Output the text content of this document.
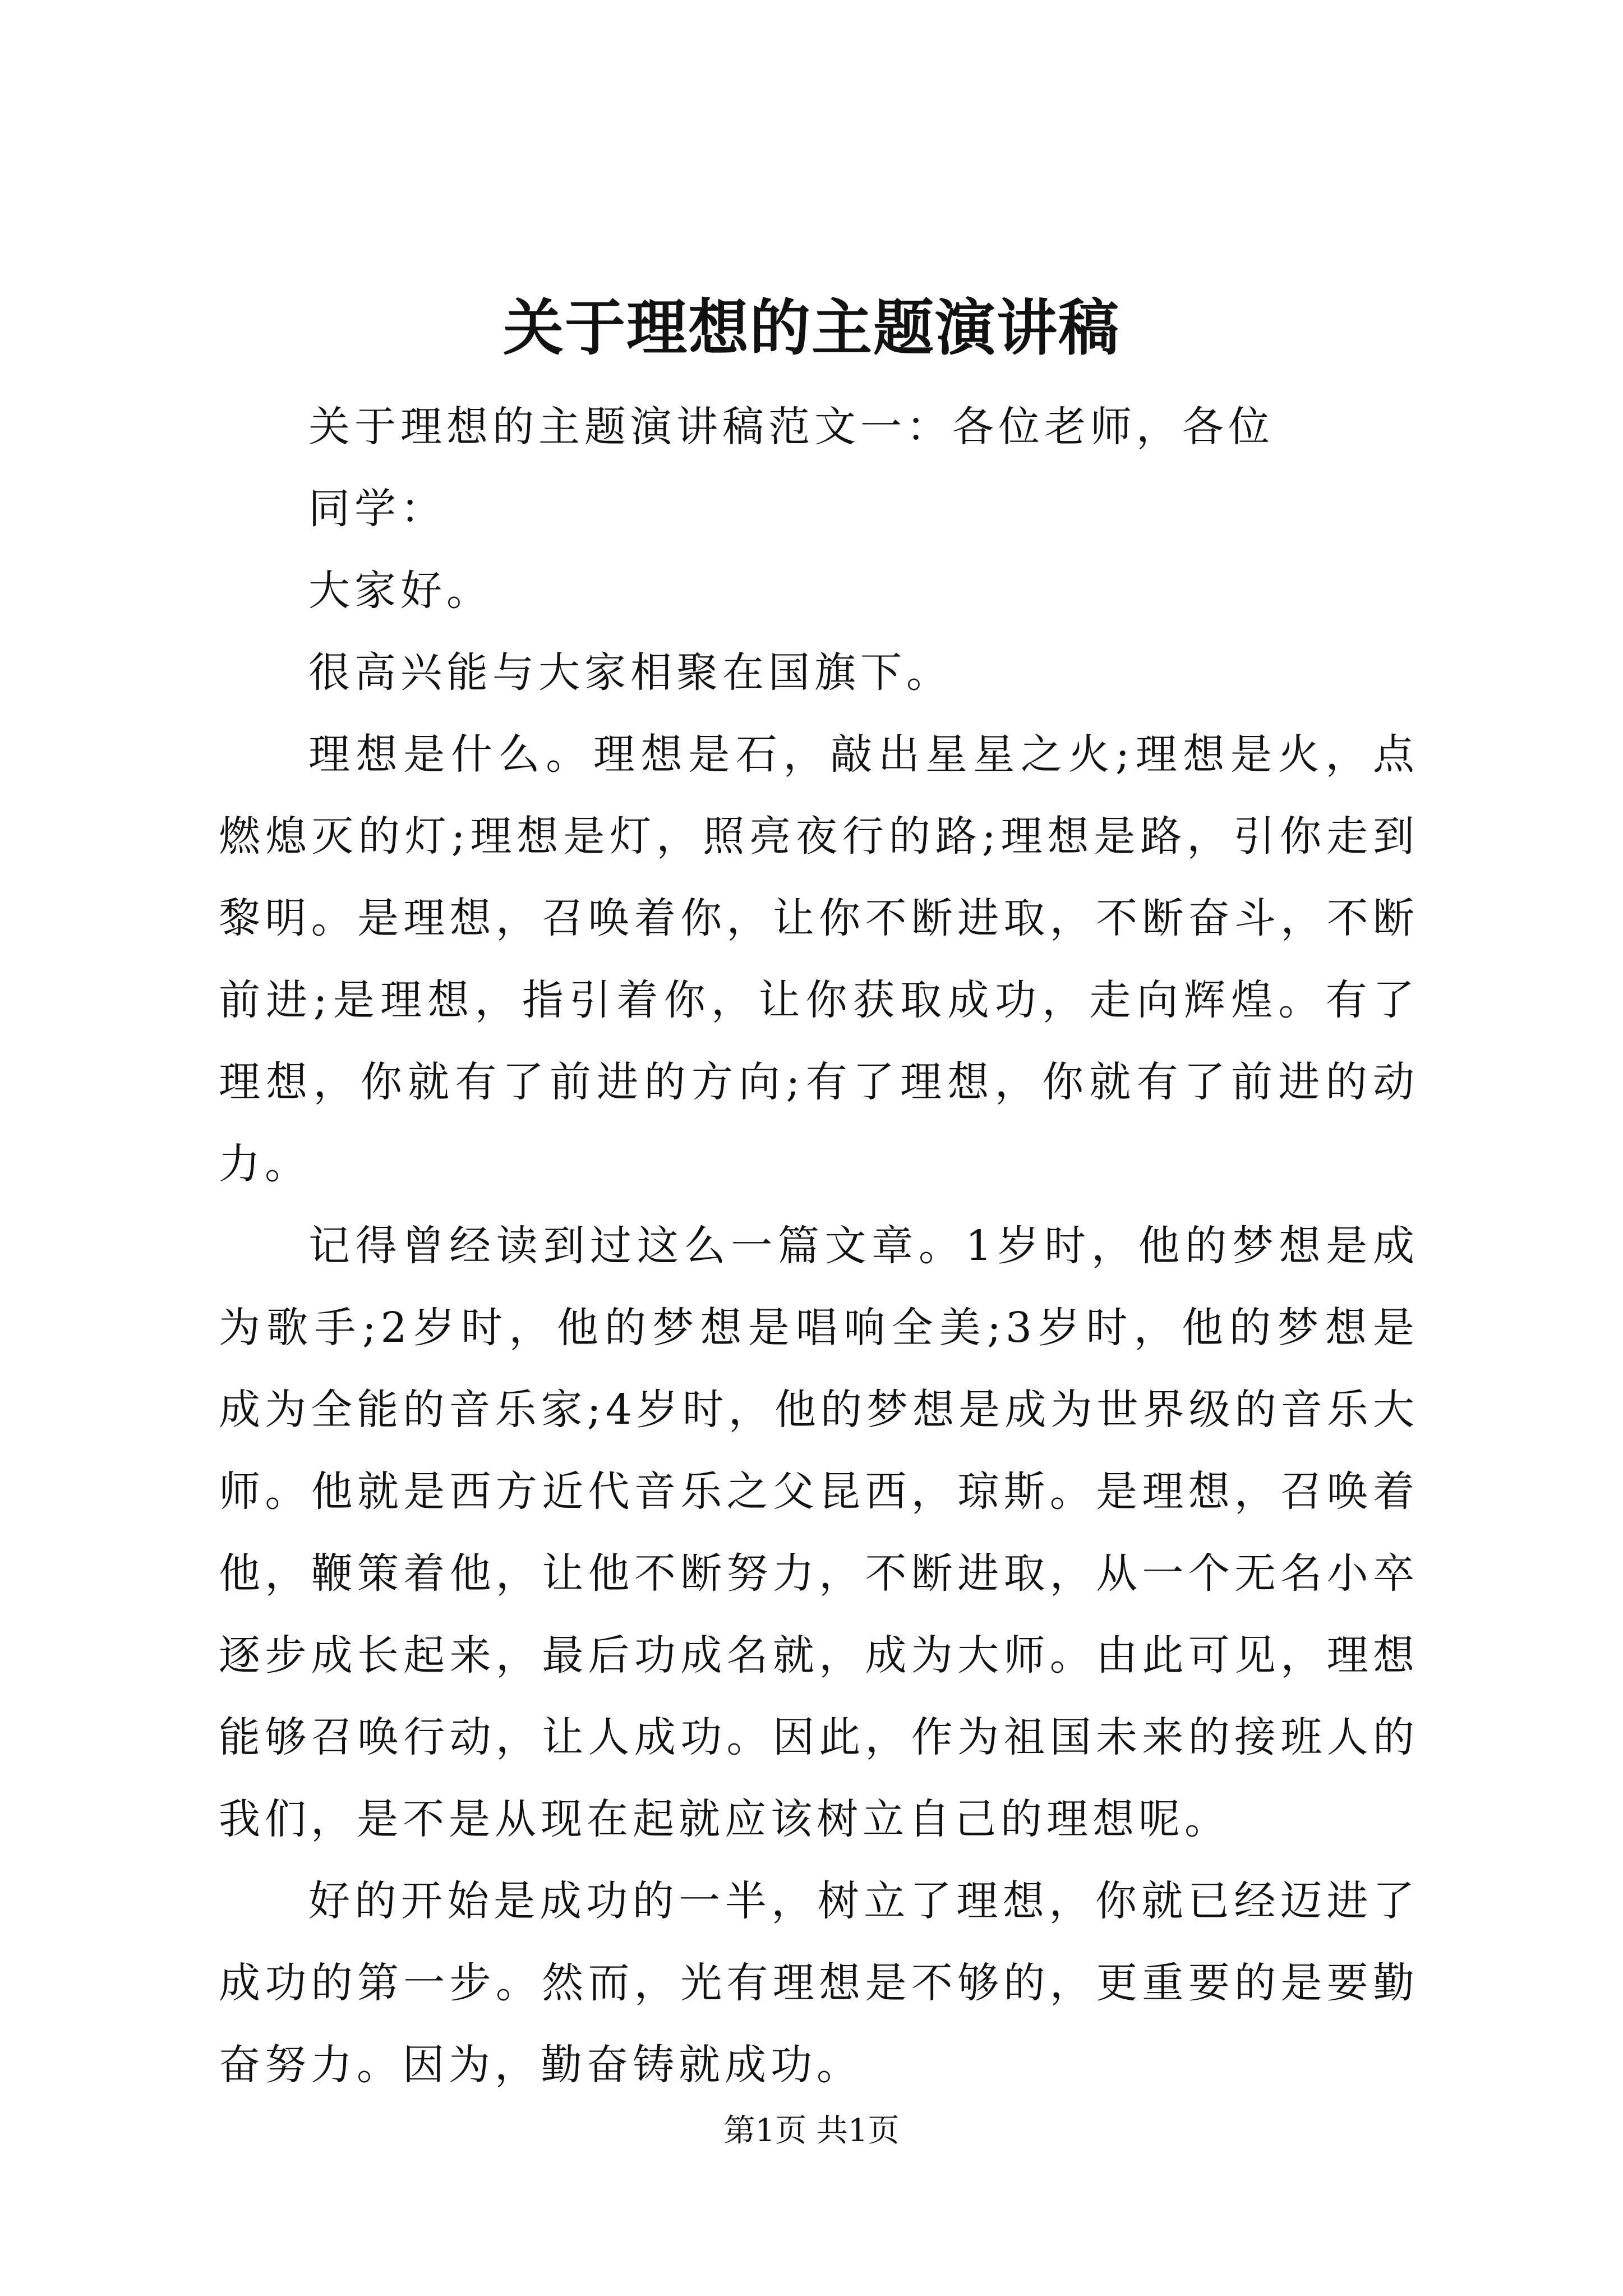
关于理想的主题演讲稿

关于理想的主题演讲稿范文一：各位老师，各位

同学：

大家好。

很高兴能与大家相聚在国旗下。

理想是什么。理想是石，敲出星星之火;理想是火，点燃熄灭的灯;理想是灯，照亮夜行的路;理想是路，引你走到黎明。是理想，召唤着你，让你不断进取，不断奋斗，不断前进;是理想，指引着你，让你获取成功，走向辉煌。有了理想，你就有了前进的方向;有了理想，你就有了前进的动力。

记得曾经读到过这么一篇文章。1岁时，他的梦想是成为歌手;2岁时，他的梦想是唱响全美;3岁时，他的梦想是成为全能的音乐家;4岁时，他的梦想是成为世界级的音乐大师。他就是西方近代音乐之父昆西，琼斯。是理想，召唤着他，鞭策着他，让他不断努力，不断进取，从一个无名小卒逐步成长起来，最后功成名就，成为大师。由此可见，理想能够召唤行动，让人成功。因此，作为祖国未来的接班人的我们，是不是从现在起就应该树立自己的理想呢。

好的开始是成功的一半，树立了理想，你就已经迈进了成功的第一步。然而，光有理想是不够的，更重要的是要勤奋努力。因为，勤奋铸就成功。

第1页 共1页
